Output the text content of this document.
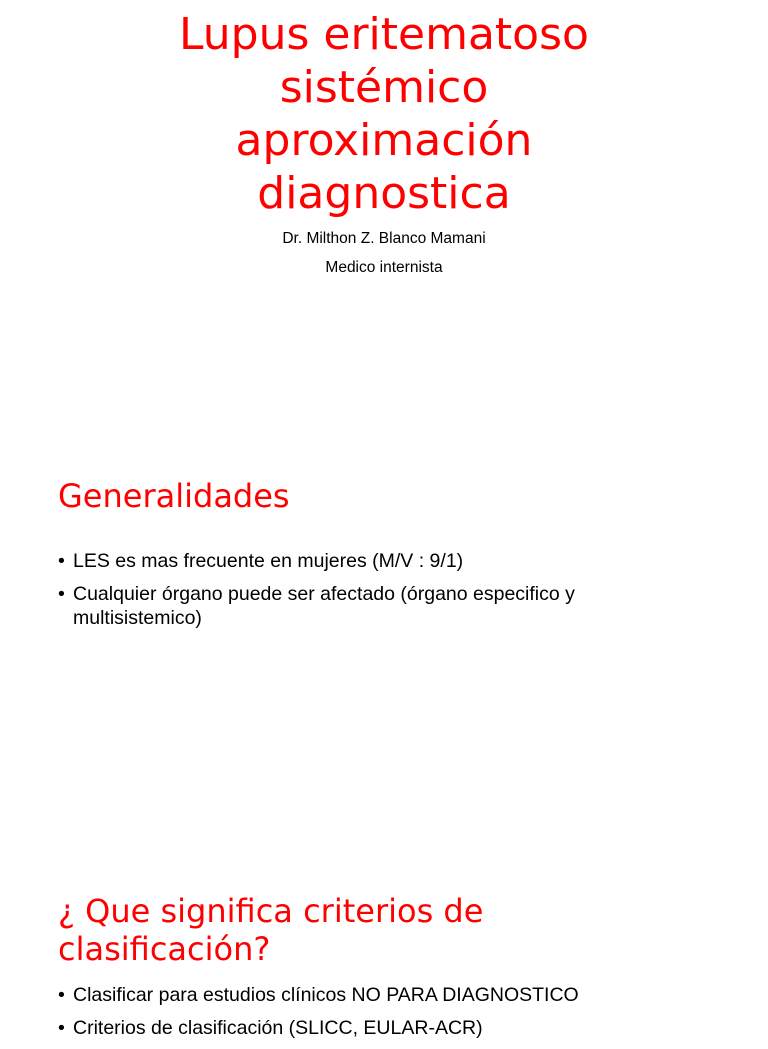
Lupus eritematoso
sistémico
aproximación
diagnostica

Dr. Milthon Z. Blanco Mamani

Medico internista

Generalidades
• LES es mas frecuente en mujeres (M/V : 9/1)
• Cualquier órgano puede ser afectado (órgano especifico y multisistemico)
¿ Que significa criterios de
clasificación?
• Clasificar para estudios clínicos NO PARA DIAGNOSTICO
• Criterios de clasificación (SLICC, EULAR-ACR)
